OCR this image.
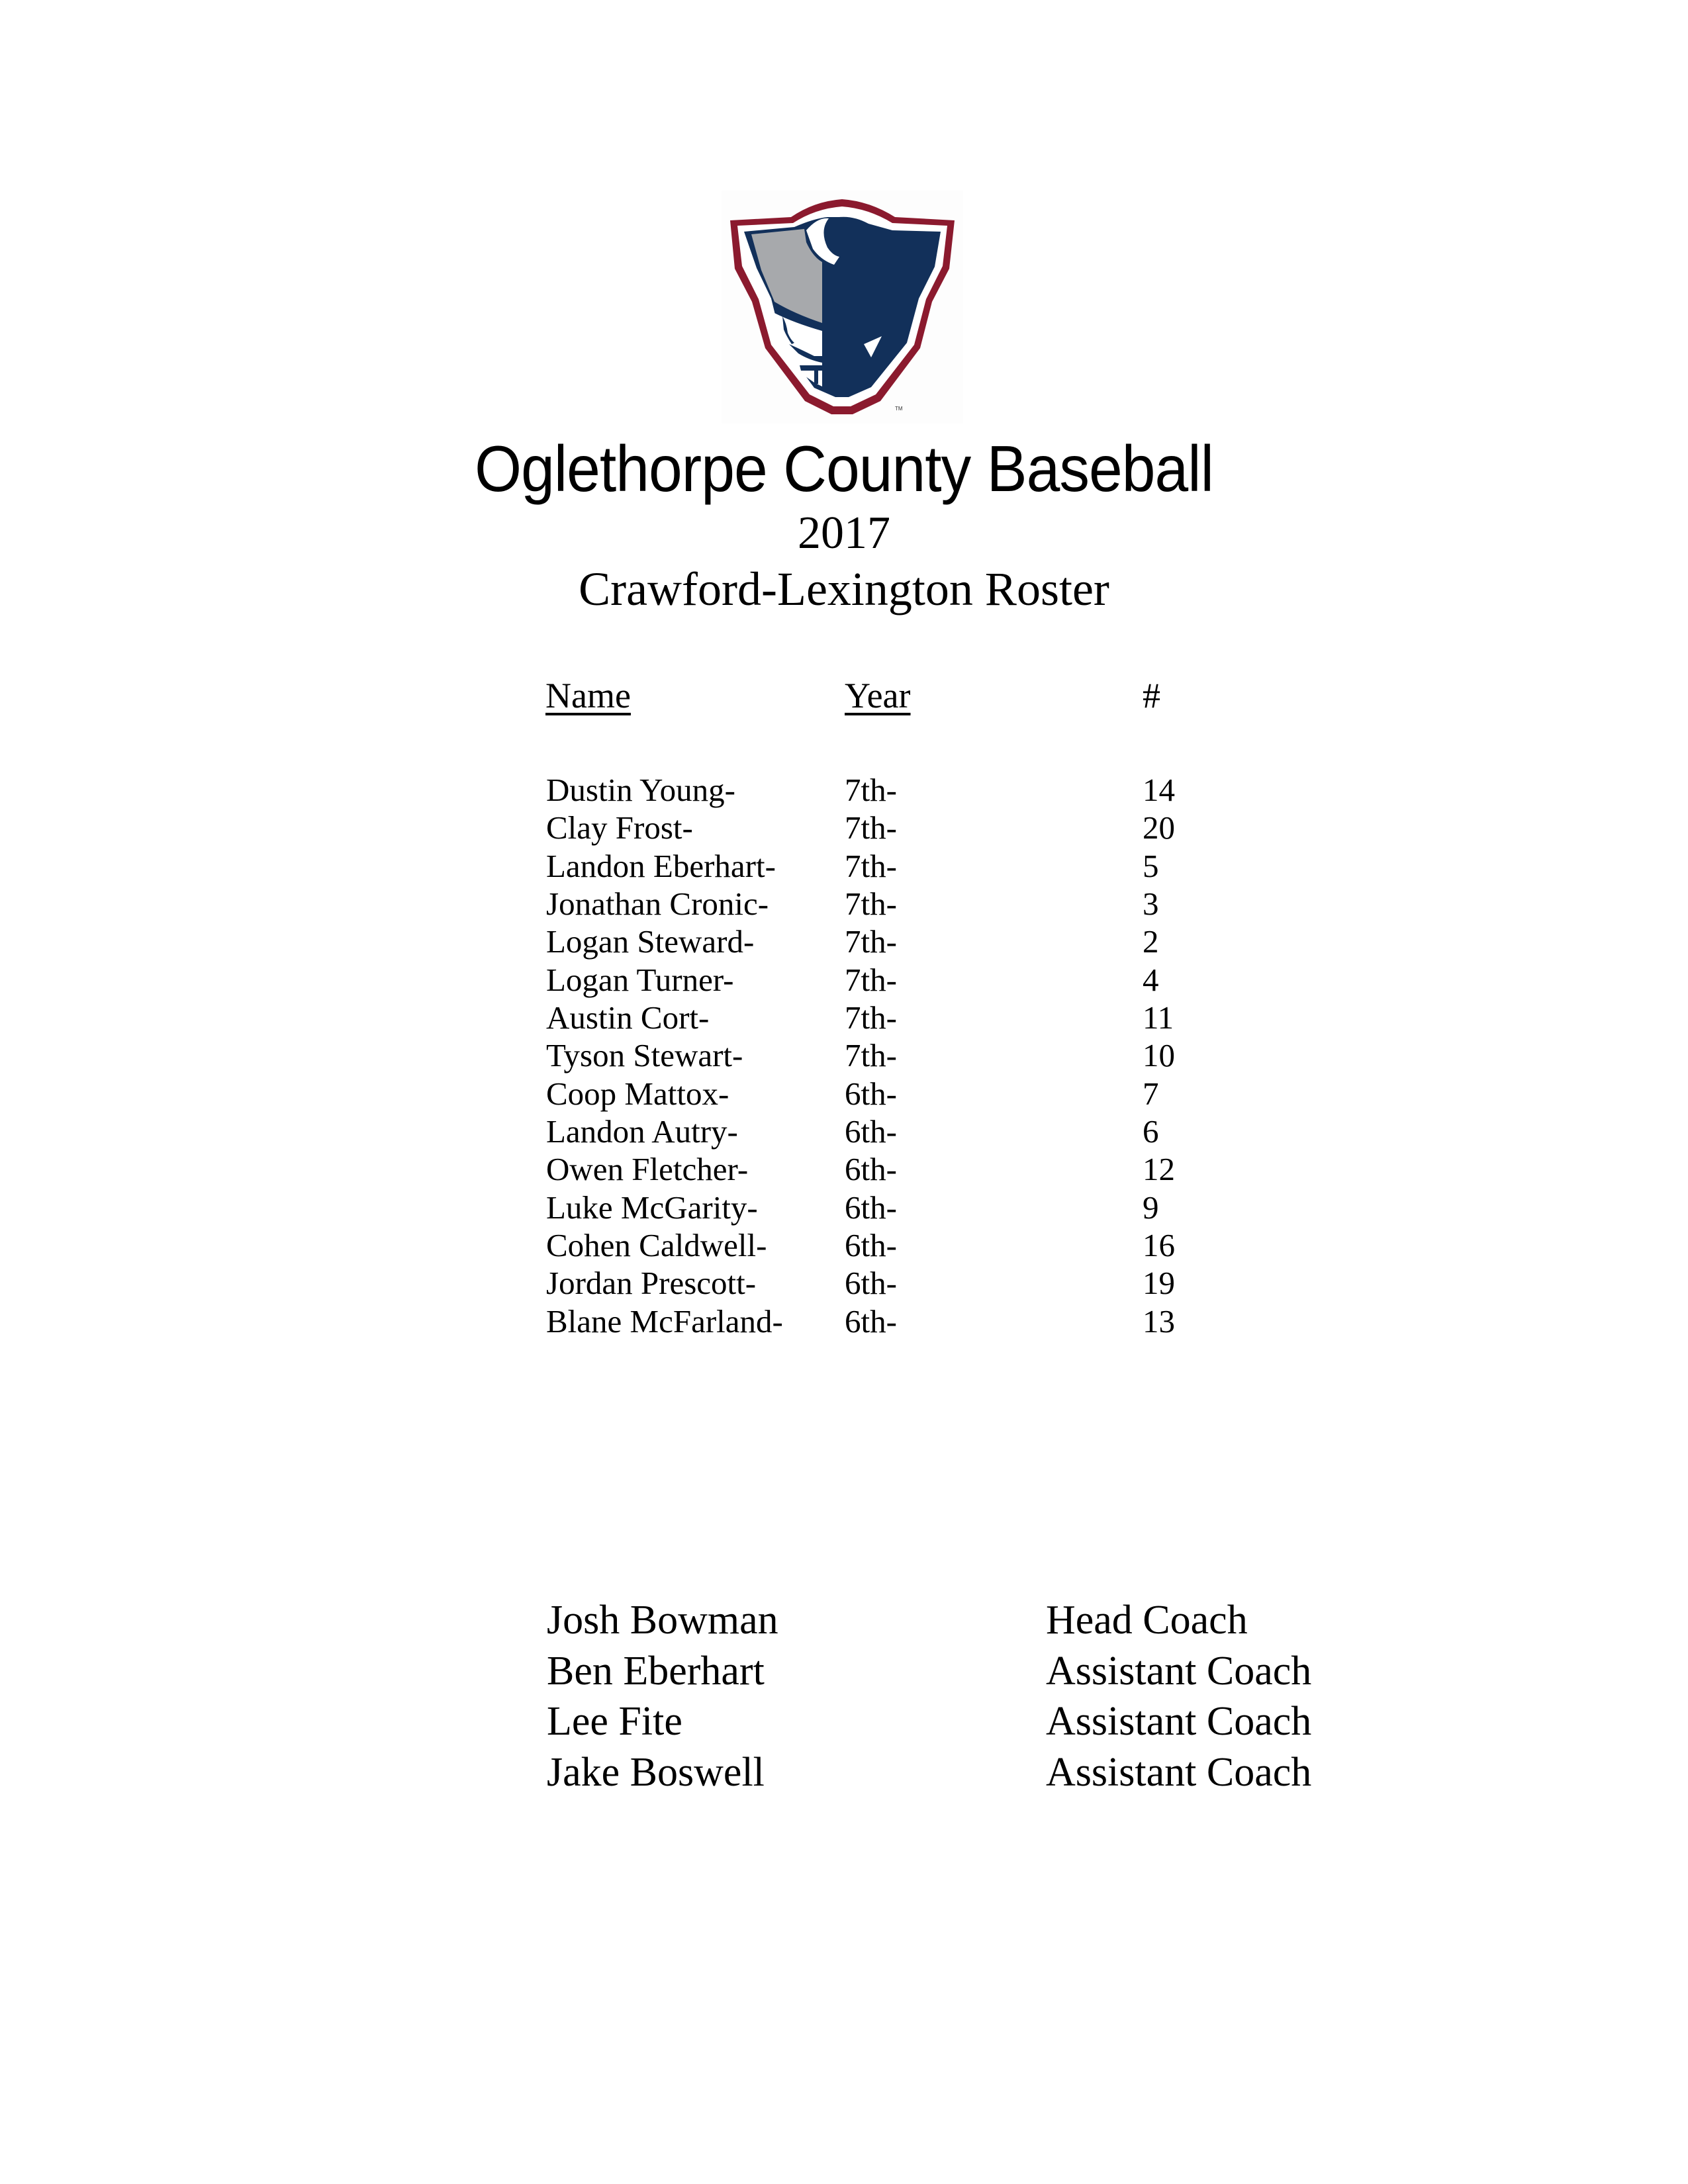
TM
Oglethorpe County Baseball
2017
Crawford-Lexington Roster
Name	Year	#
Dustin Young-	7th-	14
Clay Frost-	7th-	20
Landon Eberhart- 7th-	5
Jonathan Cronic- 7th-	3
Logan Steward-	7th-	2
Logan Turner-	7th-	4
Austin Cort-	7th-	11
Tyson Stewart-	7th-	10
Coop Mattox-	6th-	7
Landon Autry-	6th-	6
Owen Fletcher-	6th-	12
Luke McGarity-	6th-	9
Cohen Caldwell- 6th-	16
Jordan Prescott-	6th-	19
Blane McFarland- 6th-	13
Josh Bowman	Head Coach
Ben Eberhart	Assistant Coach
Lee Fite	Assistant Coach
Jake Boswell	Assistant Coach
